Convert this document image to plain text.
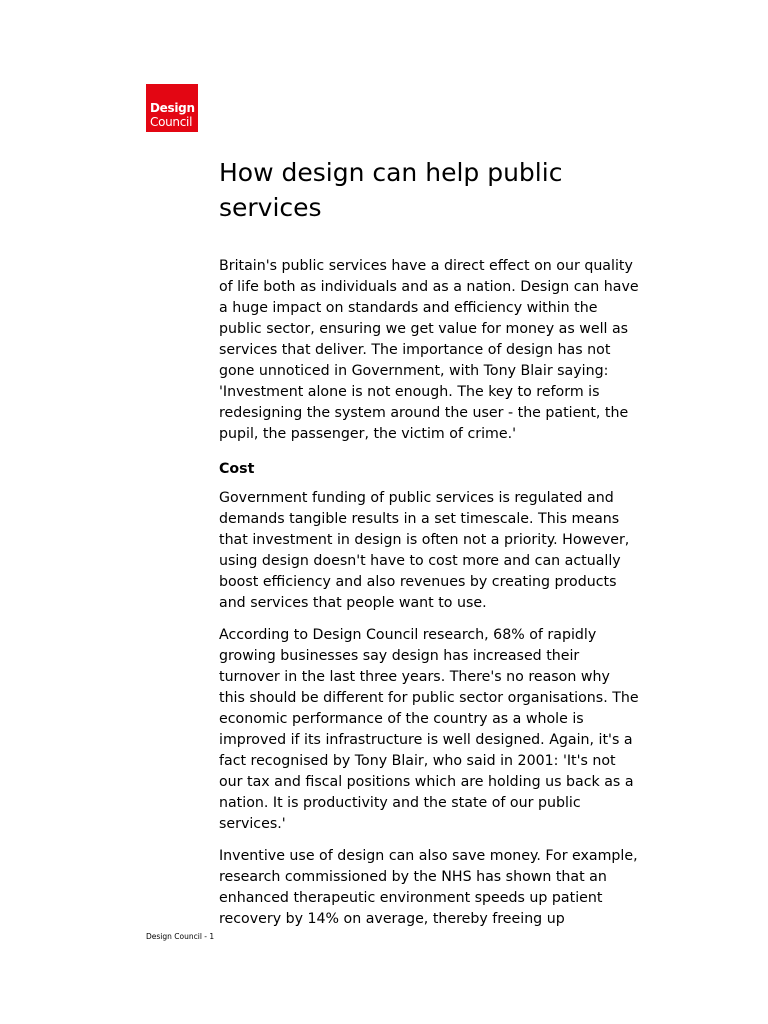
Design
Council
How design can help public services

Britain's public services have a direct effect on our quality of life both as individuals and as a nation. Design can have a huge impact on standards and efficiency within the public sector, ensuring we get value for money as well as services that deliver. The importance of design has not gone unnoticed in Government, with Tony Blair saying: 'Investment alone is not enough. The key to reform is redesigning the system around the user - the patient, the pupil, the passenger, the victim of crime.'

Cost

Government funding of public services is regulated and demands tangible results in a set timescale. This means that investment in design is often not a priority. However, using design doesn't have to cost more and can actually boost efficiency and also revenues by creating products and services that people want to use.

According to Design Council research, 68% of rapidly growing businesses say design has increased their turnover in the last three years. There's no reason why this should be different for public sector organisations. The economic performance of the country as a whole is improved if its infrastructure is well designed. Again, it's a fact recognised by Tony Blair, who said in 2001: 'It's not our tax and fiscal positions which are holding us back as a nation. It is productivity and the state of our public services.'

Inventive use of design can also save money. For example, research commissioned by the NHS has shown that an enhanced therapeutic environment speeds up patient recovery by 14% on average, thereby freeing up

Design Council - 1
